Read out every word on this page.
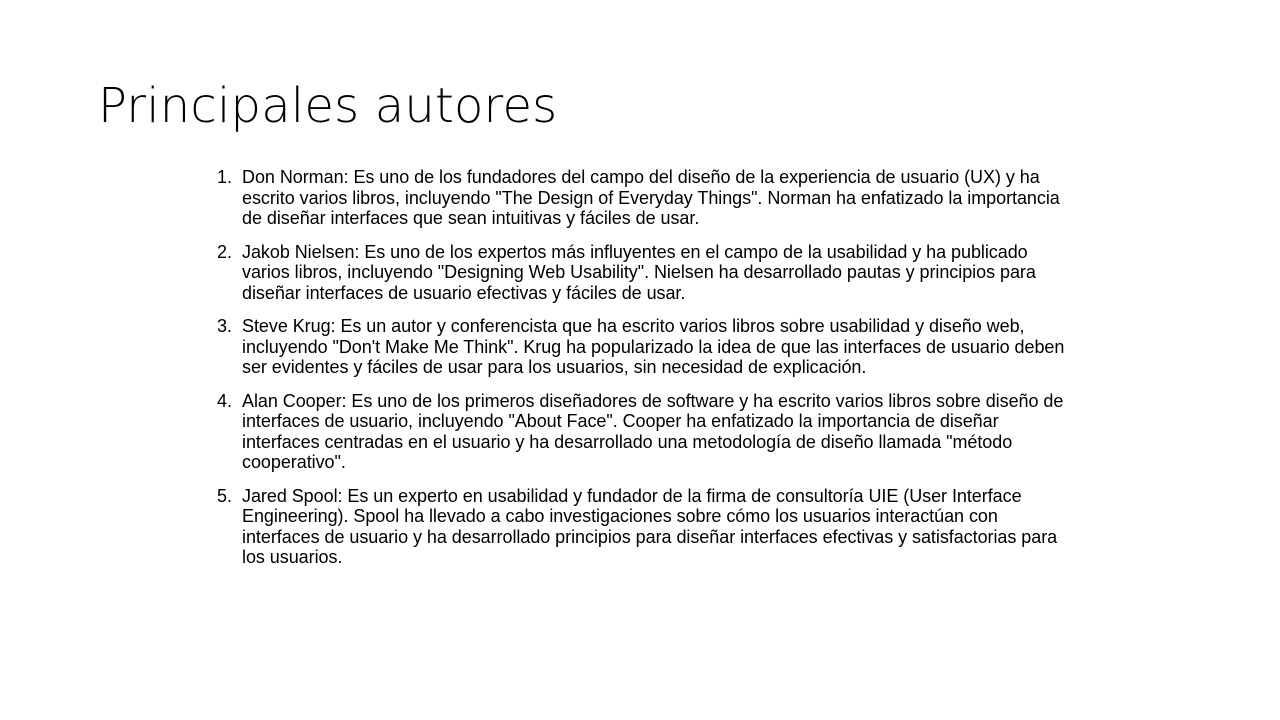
Principales autores
1. Don Norman: Es uno de los fundadores del campo del diseño de la experiencia de usuario (UX) y ha escrito varios libros, incluyendo "The Design of Everyday Things". Norman ha enfatizado la importancia de diseñar interfaces que sean intuitivas y fáciles de usar.
2. Jakob Nielsen: Es uno de los expertos más influyentes en el campo de la usabilidad y ha publicado varios libros, incluyendo "Designing Web Usability". Nielsen ha desarrollado pautas y principios para diseñar interfaces de usuario efectivas y fáciles de usar.
3. Steve Krug: Es un autor y conferencista que ha escrito varios libros sobre usabilidad y diseño web, incluyendo "Don't Make Me Think". Krug ha popularizado la idea de que las interfaces de usuario deben ser evidentes y fáciles de usar para los usuarios, sin necesidad de explicación.
4. Alan Cooper: Es uno de los primeros diseñadores de software y ha escrito varios libros sobre diseño de interfaces de usuario, incluyendo "About Face". Cooper ha enfatizado la importancia de diseñar interfaces centradas en el usuario y ha desarrollado una metodología de diseño llamada "método cooperativo".
5. Jared Spool: Es un experto en usabilidad y fundador de la firma de consultoría UIE (User Interface Engineering). Spool ha llevado a cabo investigaciones sobre cómo los usuarios interactúan con interfaces de usuario y ha desarrollado principios para diseñar interfaces efectivas y satisfactorias para los usuarios.
